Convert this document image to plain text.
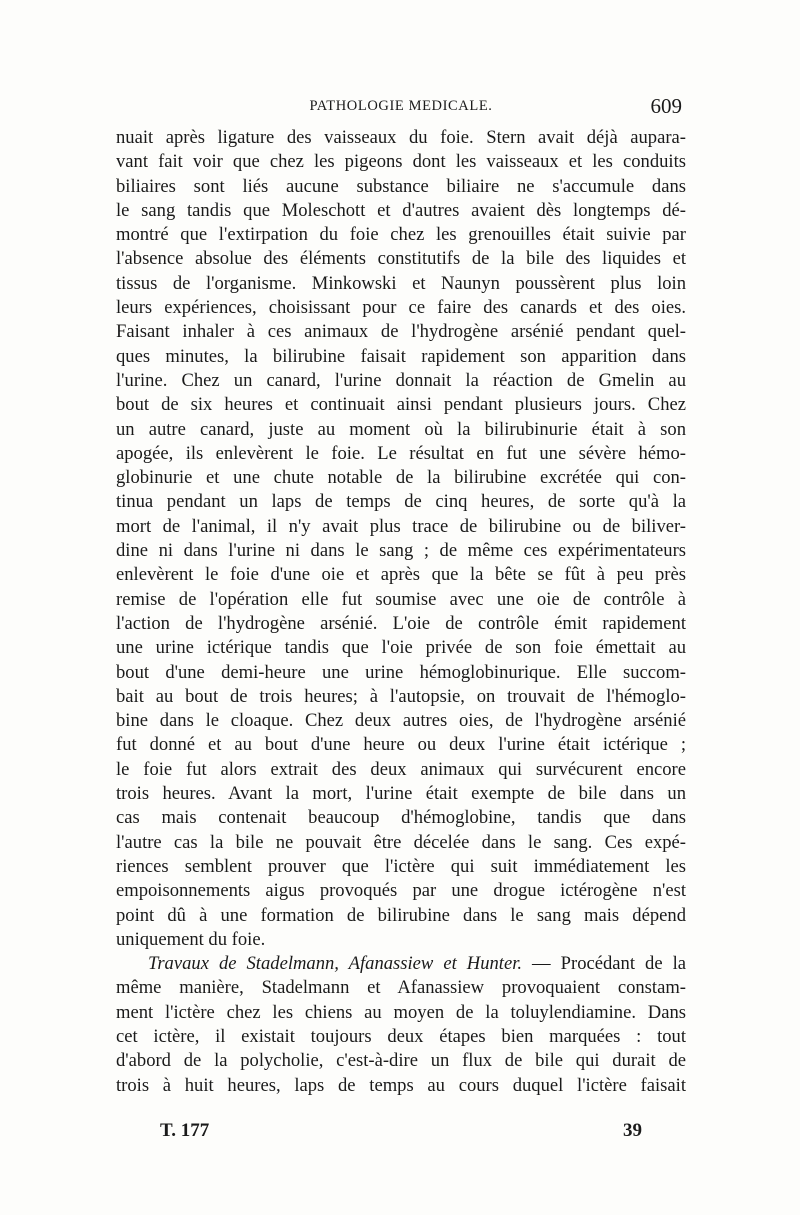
PATHOLOGIE MEDICALE.	609
nuait après ligature des vaisseaux du foie. Stern avait déjà aupara-
vant fait voir que chez les pigeons dont les vaisseaux et les conduits
biliaires sont liés aucune substance biliaire ne s'accumule dans
le sang tandis que Moleschott et d'autres avaient dès longtemps dé-
montré que l'extirpation du foie chez les grenouilles était suivie par
l'absence absolue des éléments constitutifs de la bile des liquides et
tissus de l'organisme. Minkowski et Naunyn poussèrent plus loin
leurs expériences, choisissant pour ce faire des canards et des oies.
Faisant inhaler à ces animaux de l'hydrogène arsénié pendant quel-
ques minutes, la bilirubine faisait rapidement son apparition dans
l'urine. Chez un canard, l'urine donnait la réaction de Gmelin au
bout de six heures et continuait ainsi pendant plusieurs jours. Chez
un autre canard, juste au moment où la bilirubinurie était à son
apogée, ils enlevèrent le foie. Le résultat en fut une sévère hémo-
globinurie et une chute notable de la bilirubine excrétée qui con-
tinua pendant un laps de temps de cinq heures, de sorte qu'à la
mort de l'animal, il n'y avait plus trace de bilirubine ou de biliver-
dine ni dans l'urine ni dans le sang ; de même ces expérimentateurs
enlevèrent le foie d'une oie et après que la bête se fût à peu près
remise de l'opération elle fut soumise avec une oie de contrôle à
l'action de l'hydrogène arsénié. L'oie de contrôle émit rapidement
une urine ictérique tandis que l'oie privée de son foie émettait au
bout d'une demi-heure une urine hémoglobinurique. Elle succom-
bait au bout de trois heures; à l'autopsie, on trouvait de l'hémoglo-
bine dans le cloaque. Chez deux autres oies, de l'hydrogène arsénié
fut donné et au bout d'une heure ou deux l'urine était ictérique ;
le foie fut alors extrait des deux animaux qui survécurent encore
trois heures. Avant la mort, l'urine était exempte de bile dans un
cas mais contenait beaucoup d'hémoglobine, tandis que dans
l'autre cas la bile ne pouvait être décelée dans le sang. Ces expé-
riences semblent prouver que l'ictère qui suit immédiatement les
empoisonnements aigus provoqués par une drogue ictérogène n'est
point dû à une formation de bilirubine dans le sang mais dépend
uniquement du foie.
Travaux de Stadelmann, Afanassiew et Hunter. — Procédant de la
même manière, Stadelmann et Afanassiew provoquaient constam-
ment l'ictère chez les chiens au moyen de la toluylendiamine. Dans
cet ictère, il existait toujours deux étapes bien marquées : tout
d'abord de la polycholie, c'est-à-dire un flux de bile qui durait de
trois à huit heures, laps de temps au cours duquel l'ictère faisait
T. 177	39
